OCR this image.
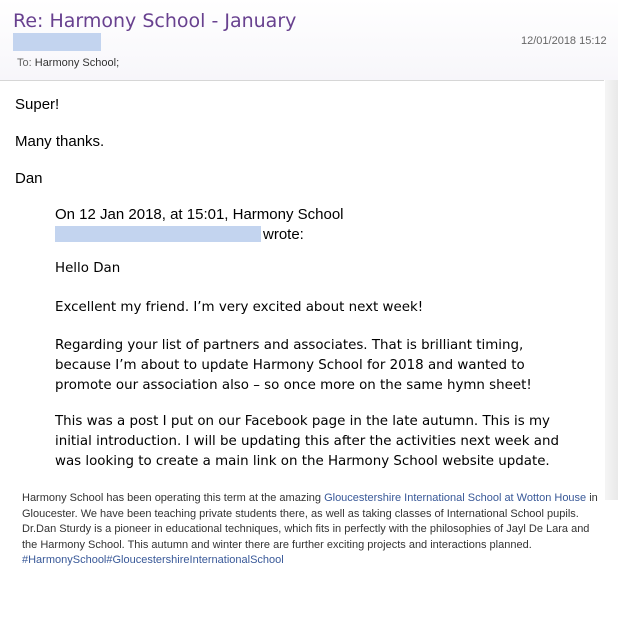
Re: Harmony School - January
12/01/2018 15:12
To: Harmony School;
Super!
Many thanks.
Dan
On 12 Jan 2018, at 15:01, Harmony School
wrote:
Hello Dan
Excellent my friend. I’m very excited about next week!
Regarding your list of partners and associates. That is brilliant timing,
because I’m about to update Harmony School for 2018 and wanted to
promote our association also – so once more on the same hymn sheet!
This was a post I put on our Facebook page in the late autumn. This is my
initial introduction. I will be updating this after the activities next week and
was looking to create a main link on the Harmony School website update.
Harmony School has been operating this term at the amazing Gloucestershire International School at Wotton House in Gloucester. We have been teaching private students there, as well as taking classes of International School pupils. Dr.Dan Sturdy is a pioneer in educational techniques, which fits in perfectly with the philosophies of Jayl De Lara and the Harmony School. This autumn and winter there are further exciting projects and interactions planned. #HarmonySchool#GloucestershireInternationalSchool
